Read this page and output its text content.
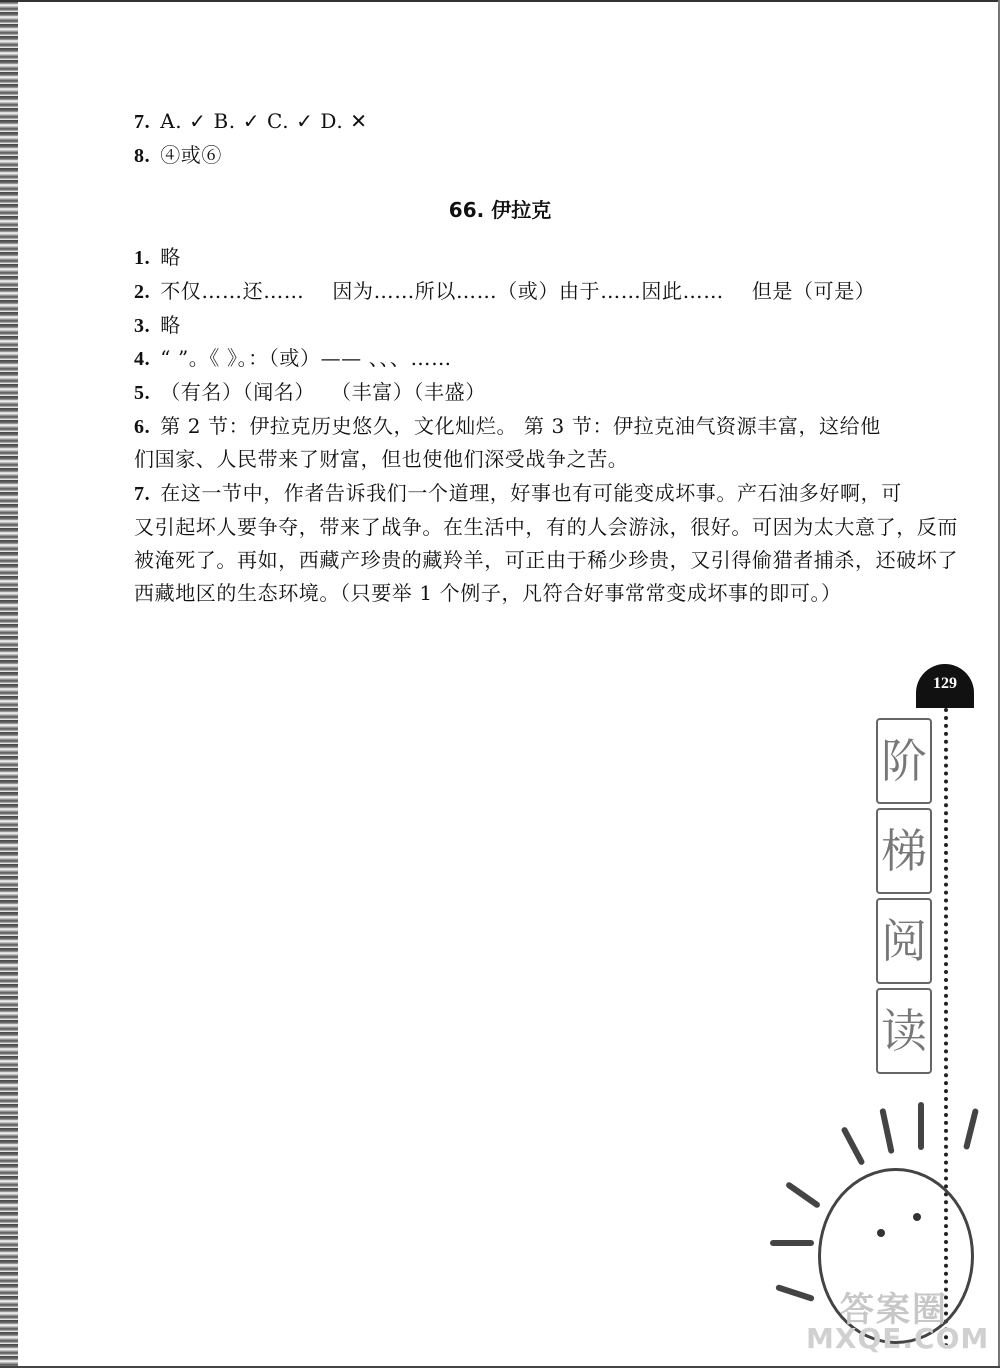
7. A. ✓ B. ✓ C. ✓ D. ✕
8. ④或⑥
66. 伊拉克
1. 略
2. 不仅……还…… 因为……所以……（或）由于……因此…… 但是（可是）
3. 略
4. “ ”。《 》。：（或）—— 、、、……
5. （有名）（闻名） （丰富）（丰盛）
6. 第 2 节：伊拉克历史悠久，文化灿烂。 第 3 节：伊拉克油气资源丰富，这给他
们国家、人民带来了财富，但也使他们深受战争之苦。
7. 在这一节中，作者告诉我们一个道理，好事也有可能变成坏事。产石油多好啊，可
又引起坏人要争夺，带来了战争。在生活中，有的人会游泳，很好。可因为太大意了，反而
被淹死了。再如，西藏产珍贵的藏羚羊，可正由于稀少珍贵，又引得偷猎者捕杀，还破坏了
西藏地区的生态环境。（只要举 1 个例子，凡符合好事常常变成坏事的即可。）
129
阶
梯
阅
读
答案圈
MXQE.COM
